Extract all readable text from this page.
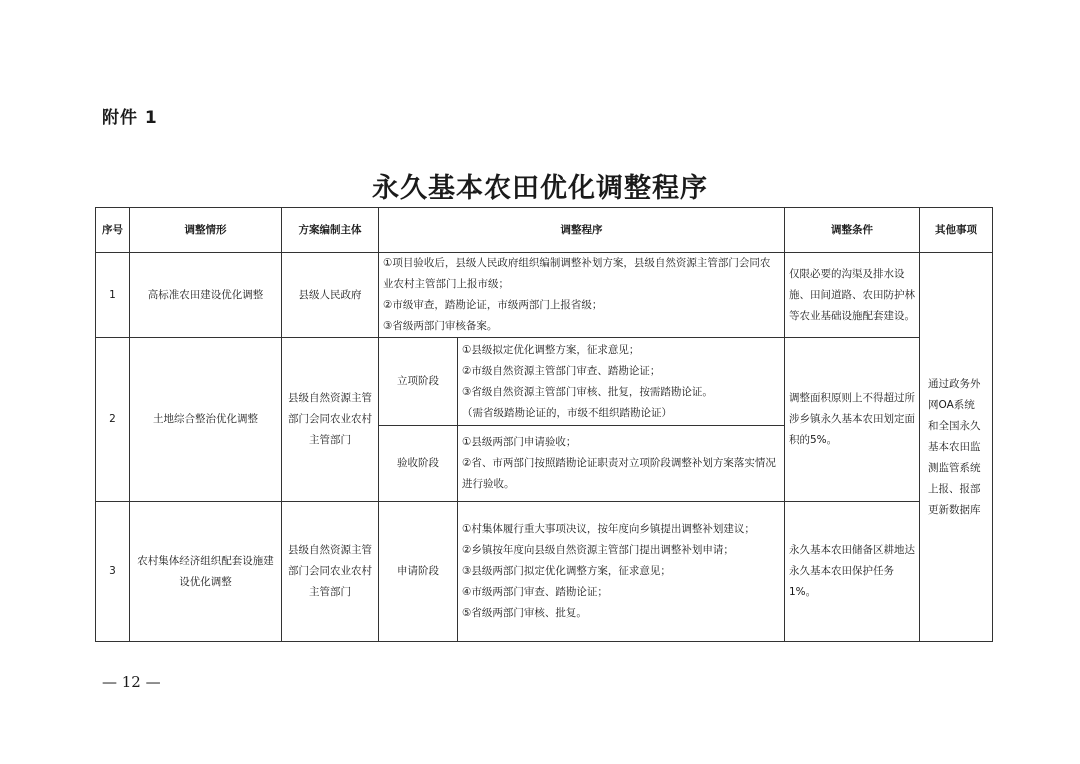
附件 1
永久基本农田优化调整程序
序号	调整情形	方案编制主体	调整程序		调整条件	其他事项
1	高标准农田建设优化调整	县级人民政府	①项目验收后，县级人民政府组织编制调整补划方案，县级自然资源主管部门会同农业农村主管部门上报市级；
②市级审查，踏勘论证，市级两部门上报省级；
③省级两部门审核备案。		仅限必要的沟渠及排水设施、田间道路、农田防护林等农业基础设施配套建设。	通过政务外网OA系统和全国永久基本农田监测监管系统上报、报部更新数据库
2	土地综合整治优化调整	县级自然资源主管部门会同农业农村主管部门	立项阶段	①县级拟定优化调整方案，征求意见；
②市级自然资源主管部门审查、踏勘论证；
③省级自然资源主管部门审核、批复，按需踏勘论证。
（需省级踏勘论证的，市级不组织踏勘论证）	调整面积原则上不得超过所涉乡镇永久基本农田划定面积的5%。	
			验收阶段	①县级两部门申请验收；
②省、市两部门按照踏勘论证职责对立项阶段调整补划方案落实情况进行验收。		

3	农村集体经济组织配套设施建设优化调整	县级自然资源主管部门会同农业农村主管部门	申请阶段	①村集体履行重大事项决议，按年度向乡镇提出调整补划建议；
②乡镇按年度向县级自然资源主管部门提出调整补划申请；
③县级两部门拟定优化调整方案，征求意见；
④市级两部门审查、踏勘论证；
⑤省级两部门审核、批复。	永久基本农田储备区耕地达永久基本农田保护任务1%。	
— 12 —
